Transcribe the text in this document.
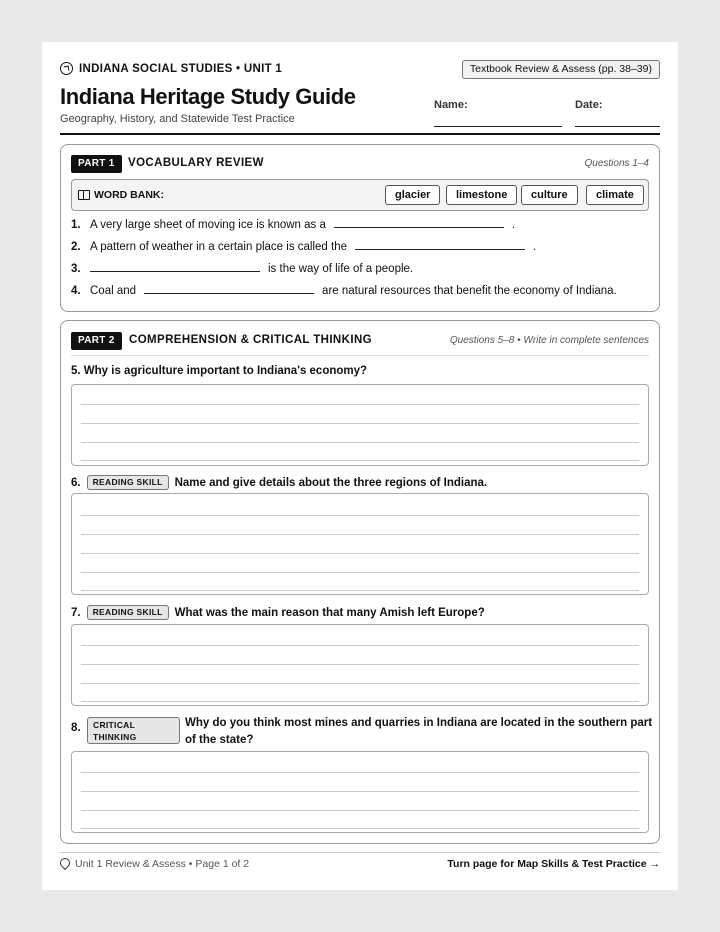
INDIANA SOCIAL STUDIES • UNIT 1	Textbook Review & Assess (pp. 38–39)
Indiana Heritage Study Guide
Geography, History, and Statewide Test Practice
Name:	Date:
PART 1	VOCABULARY REVIEW	Questions 1–4
WORD BANK:	glacier	limestone	culture	climate
1. A very large sheet of moving ice is known as a	.
2. A pattern of weather in a certain place is called the	.
3.	is the way of life of a people.
4. Coal and	are natural resources that benefit the economy of Indiana.
PART 2	COMPREHENSION & CRITICAL THINKING	Questions 5–8 • Write in complete sentences
5. Why is agriculture important to Indiana's economy?
6.	READING SKILL	Name and give details about the three regions of Indiana.
7.	READING SKILL	What was the main reason that many Amish left Europe?
8. CRITICAL
THINKING
Why do you think most mines and quarries in Indiana are located in the southern part
of the state?
Unit 1 Review & Assess • Page 1 of 2	Turn page for Map Skills & Test Practice →
